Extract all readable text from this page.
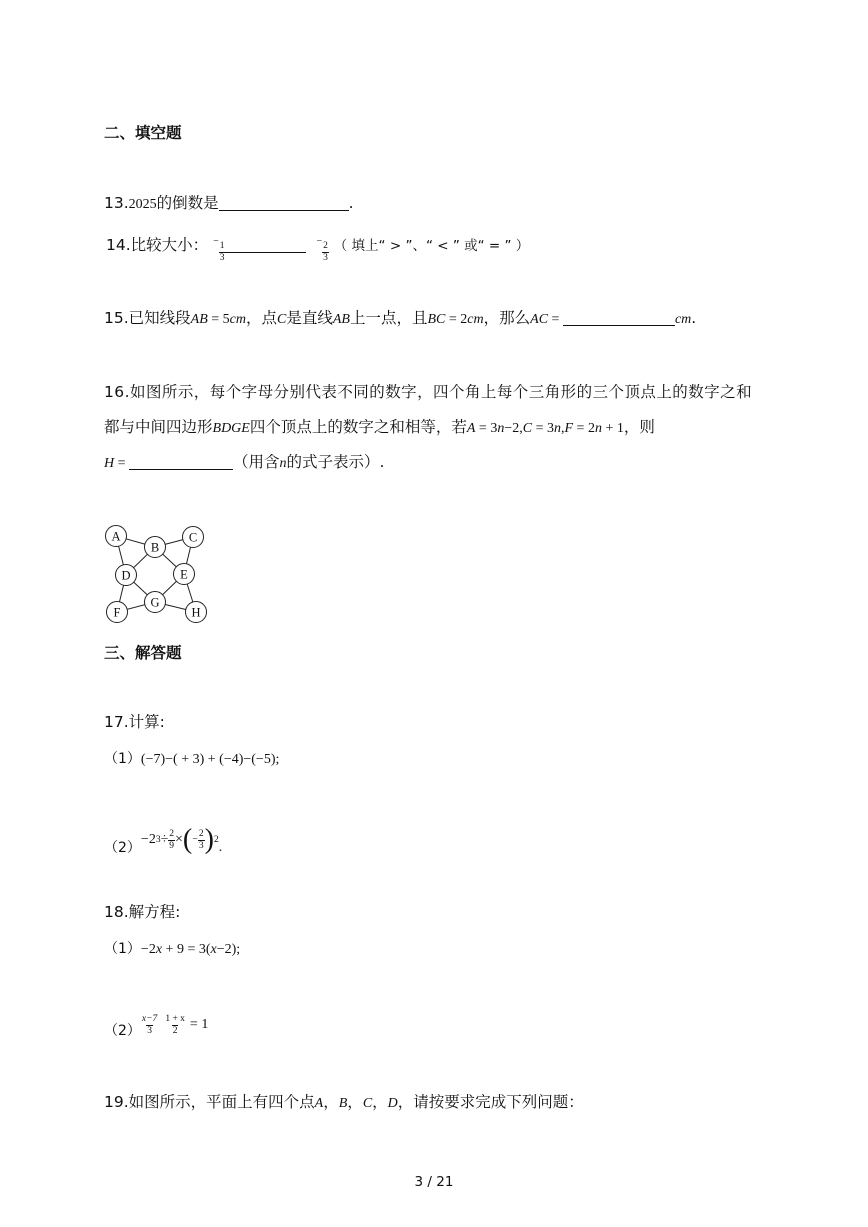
二、填空题
13.2025的倒数是	.
14.比较大小： $^- \frac{1}{3}$	$^- \frac{2}{3}$ （ 填上“ > ”、“ < ” 或“ = ” ）
15.已知线段AB = 5cm，点C是直线AB上一点，且BC = 2cm，那么AC =	cm.
16.如图所示，每个字母分别代表不同的数字，四个角上每个三角形的三个顶点上的数字之和
都与中间四边形BDGE四个顶点上的数字之和相等，若A = 3n−2,C = 3n,F = 2n + 1，则
H =	（用含n的式子表示）.
A
B
C
D	E
F
G
H
三、解答题
17.计算:
（1）(−7)−( + 3) + (−4)−(−5);
（2）
−2 $3 \div \frac{2}{9}$ × ( − $\frac{2}{3}$ ) 2 .
18.解方程:
（1）−2x + 9 = 3(x−2);
$(2) \frac{x-7}{3} \frac{1 + x}{2} = 1$
19.如图所示，平面上有四个点A，B，C，D，请按要求完成下列问题：
3 / 21
